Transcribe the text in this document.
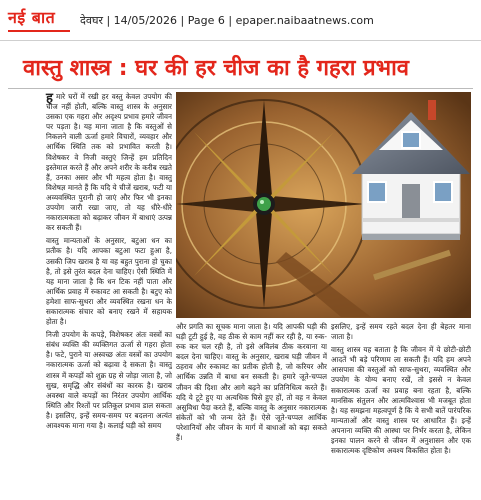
नई बात	देवघर | 14/05/2026 | Page 6 | epaper.naibaatnews.com
वास्तु शास्त्र : घर की हर चीज का है गहरा प्रभाव
ह मारे घरों में रखी हर वस्तु केवल उपयोग की चीज नहीं होती, बल्कि वास्तु शास्त्र के अनुसार उसका एक गहरा और अदृश्य प्रभाव हमारे जीवन पर पड़ता है। यह माना जाता है कि वस्तुओं से निकलने वाली ऊर्जा हमारे विचारों, व्यवहार और आर्थिक स्थिति तक को प्रभावित करती है। विशेषकर वे निजी वस्तुएं जिन्हें हम प्रतिदिन इस्तेमाल करते हैं और अपने शरीर के करीब रखते हैं, उनका असर और भी महत्व होता है। वास्तु विशेषज्ञ मानते हैं कि यदि ये चीजें खराब, फटी या अव्यवस्थित पुरानी हो जाएं और फिर भी इनका उपयोग जारी रखा जाए, तो यह धीरे-धीरे नकारात्मकता को बढ़ाकर जीवन में बाधाएं उत्पन्न कर सकती हैं।

वास्तु मान्यताओं के अनुसार, बटुआ धन का प्रतीक है। यदि आपका बटुआ फटा हुआ है, उसकी जिप खराब है या वह बहुत पुराना हो चुका है, तो इसे तुरंत बदल देना चाहिए। ऐसी स्थिति में यह माना जाता है कि धन टिक नहीं पाता और आर्थिक प्रवाह में रुकावट आ सकती है। बटुए को हमेशा साफ-सुथरा और व्यवस्थित रखना धन के सकारात्मक संचार को बनाए रखने में सहायक होता है।

निजी उपयोग के कपड़े, विशेषकर अंतः वस्त्रों का संबंध व्यक्ति की व्यक्तिगत ऊर्जा से गहरा होता है। फटे, पुराने या अस्वच्छ अंतः वस्त्रों का उपयोग नकारात्मक ऊर्जा को बढ़ावा दे सकता है। वास्तु शास्त्र में कपड़ों को शुक्र ग्रह से जोड़ा जाता है, जो सुख, समृद्धि और संबंधों का कारक है। खराब अवस्था वाले कपड़ों का निरंतर उपयोग आर्थिक स्थिति और रिश्तों पर प्रतिकूल प्रभाव डाल सकता है। इसलिए, इन्हें समय-समय पर बदलना अत्यंत आवश्यक माना गया है। कलाई घड़ी को समय

और प्रगति का सूचक माना जाता है। यदि आपकी घड़ी की घड़ी टूटी हुई है, वह ठीक से काम नहीं कर रही है, या रुक-रुक कर चल रही है, तो इसे अविलंब ठीक करवाना या बदल देना चाहिए। वास्तु के अनुसार, खराब घड़ी जीवन में ठहराव और रुकावट का प्रतीक होती है, जो करियर और आर्थिक उन्नति में बाधा बन सकती है। हमारे जूते-चप्पल जीवन की दिशा और आगे बढ़ने का प्रतिनिधित्व करते हैं। यदि ये टूटे हुए या अत्यधिक घिसे हुए हों, तो वह न केवल असुविधा पैदा करते हैं, बल्कि वास्तु के अनुसार नकारात्मक संकेतों को भी जन्म देते हैं। ऐसे जूते-चप्पल आर्थिक परेशानियों और जीवन के मार्ग में बाधाओं को बढ़ा सकते हैं।

इसलिए, इन्हें समय रहते बदल देना ही बेहतर माना जाता है।

वास्तु शास्त्र यह बताता है कि जीवन में ये छोटी-छोटी आदतें भी बड़े परिणाम ला सकती हैं। यदि हम अपने आसपास की वस्तुओं को साफ-सुथरा, व्यवस्थित और उपयोग के योग्य बनाए रखें, तो इससे न केवल सकारात्मक ऊर्जा का प्रवाह बना रहता है, बल्कि मानसिक संतुलन और आत्मविश्वास भी मजबूत होता है। यह समझना महत्वपूर्ण है कि ये सभी बातें पारंपरिक मान्यताओं और वास्तु शास्त्र पर आधारित हैं। इन्हें अपनाना व्यक्ति की आस्था पर निर्भर करता है, लेकिन इनका पालन करने से जीवन में अनुशासन और एक सकारात्मक दृष्टिकोण अवश्य विकसित होता है।
